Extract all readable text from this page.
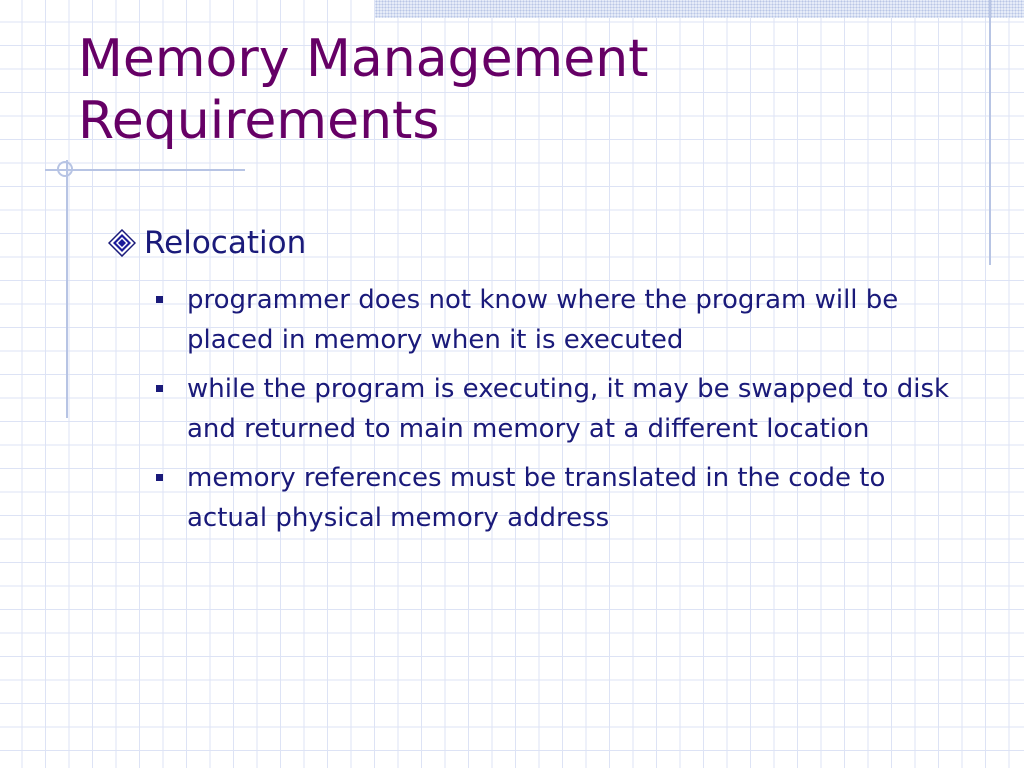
Memory Management Requirements
Relocation
programmer does not know where the program will be placed in memory when it is executed
while the program is executing, it may be swapped to disk and returned to main memory at a different location
memory references must be translated in the code to actual physical memory address
